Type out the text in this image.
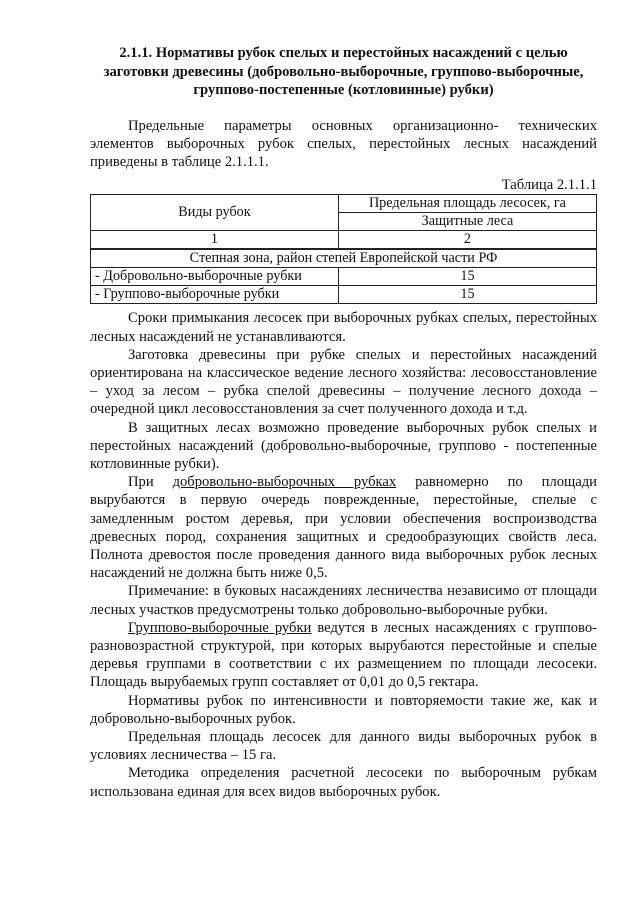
2.1.1. Нормативы рубок спелых и перестойных насаждений с целью заготовки древесины (добровольно-выборочные, группово-выборочные, группово-постепенные (котловинные) рубки)

Предельные параметры основных организационно- технических элементов выборочных рубок спелых, перестойных лесных насаждений приведены в таблице 2.1.1.1.

Таблица 2.1.1.1
Виды рубок	Предельная площадь лесосек, га
	Защитные леса
1	2
Степная зона, район степей Европейской части РФ	
- Добровольно-выборочные рубки	15
- Группово-выборочные рубки	15

Сроки примыкания лесосек при выборочных рубках спелых, перестойных лесных насаждений не устанавливаются.

Заготовка древесины при рубке спелых и перестойных насаждений ориентирована на классическое ведение лесного хозяйства: лесовосстановление – уход за лесом – рубка спелой древесины – получение лесного дохода – очередной цикл лесовосстановления за счет полученного дохода и т.д.

В защитных лесах возможно проведение выборочных рубок спелых и перестойных насаждений (добровольно-выборочные, группово - постепенные котловинные рубки).

При добровольно-выборочных рубках равномерно по площади вырубаются в первую очередь поврежденные, перестойные, спелые с замедленным ростом деревья, при условии обеспечения воспроизводства древесных пород, сохранения защитных и средообразующих свойств леса. Полнота древостоя после проведения данного вида выборочных рубок лесных насаждений не должна быть ниже 0,5.

Примечание: в буковых насаждениях лесничества независимо от площади лесных участков предусмотрены только добровольно-выборочные рубки.

Группово-выборочные рубки ведутся в лесных насаждениях с группово-разновозрастной структурой, при которых вырубаются перестойные и спелые деревья группами в соответствии с их размещением по площади лесосеки. Площадь вырубаемых групп составляет от 0,01 до 0,5 гектара.

Нормативы рубок по интенсивности и повторяемости такие же, как и добровольно-выборочных рубок.

Предельная площадь лесосек для данного виды выборочных рубок в условиях лесничества – 15 га.

Методика определения расчетной лесосеки по выборочным рубкам использована единая для всех видов выборочных рубок.
